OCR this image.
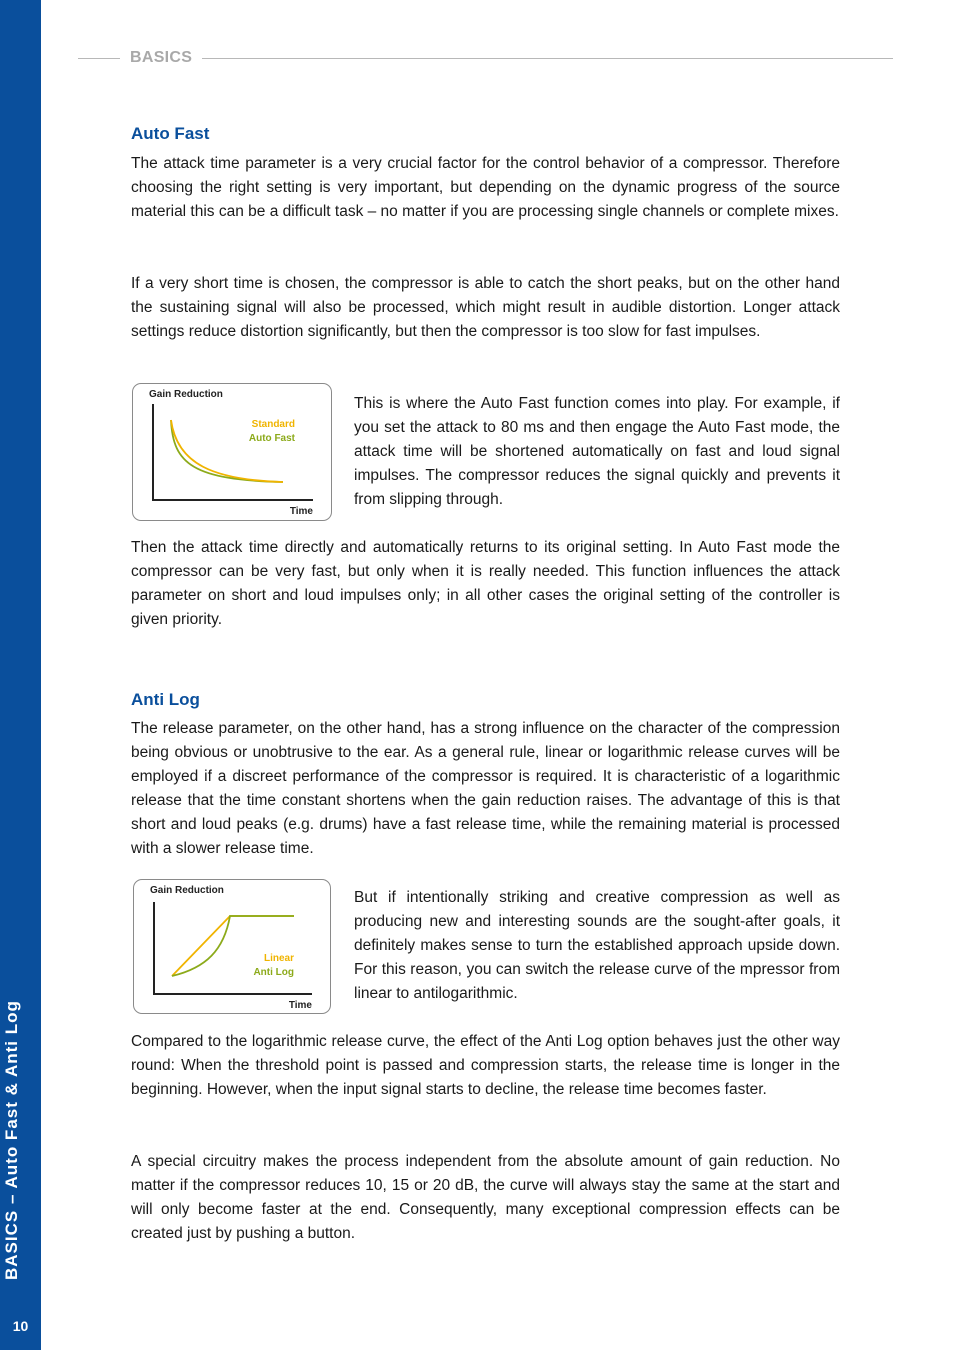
BASICS – Auto Fast & Anti Log
10
BASICS
Auto Fast

The attack time parameter is a very crucial factor for the control behavior of a compressor. Therefore choosing the right setting is very important, but depending on the dynamic progress of the source material this can be a difficult task – no matter if you are processing single channels or complete mixes.

If a very short time is chosen, the compressor is able to catch the short peaks, but on the other hand the sustaining signal will also be processed, which might result in audible distortion. Longer attack settings reduce distortion significantly, but then the compressor is too slow for fast impulses.

Gain Reduction
Time
Standard
Auto Fast

This is where the Auto Fast function comes into play. For example, if you set the attack to 80 ms and then engage the Auto Fast mode, the attack time will be shortened automatically on fast and loud signal impulses. The compressor reduces the signal quickly and prevents it from slipping through.

Then the attack time directly and automatically returns to its original setting. In Auto Fast mode the compressor can be very fast, but only when it is really needed. This function influences the attack parameter on short and loud impulses only; in all other cases the original setting of the controller is given priority.

Anti Log

The release parameter, on the other hand, has a strong influence on the character of the compression being obvious or unobtrusive to the ear. As a general rule, linear or logarithmic release curves will be employed if a discreet performance of the compressor is required. It is characteristic of a logarithmic release that the time constant shortens when the gain reduction raises. The advantage of this is that short and loud peaks (e.g. drums) have a fast release time, while the remaining material is processed with a slower release time.

Gain Reduction
Time
Linear
Anti Log

But if intentionally striking and creative compression as well as producing new and interesting sounds are the sought-after goals, it definitely makes sense to turn the established approach upside down. For this reason, you can switch the release curve of the mpressor from linear to antilogarithmic.

Compared to the logarithmic release curve, the effect of the Anti Log option behaves just the other way round: When the threshold point is passed and compression starts, the release time is longer in the beginning. However, when the input signal starts to decline, the release time becomes faster.

A special circuitry makes the process independent from the absolute amount of gain reduction. No matter if the compressor reduces 10, 15 or 20 dB, the curve will always stay the same at the start and will only become faster at the end. Consequently, many exceptional compression effects can be created just by pushing a button.
